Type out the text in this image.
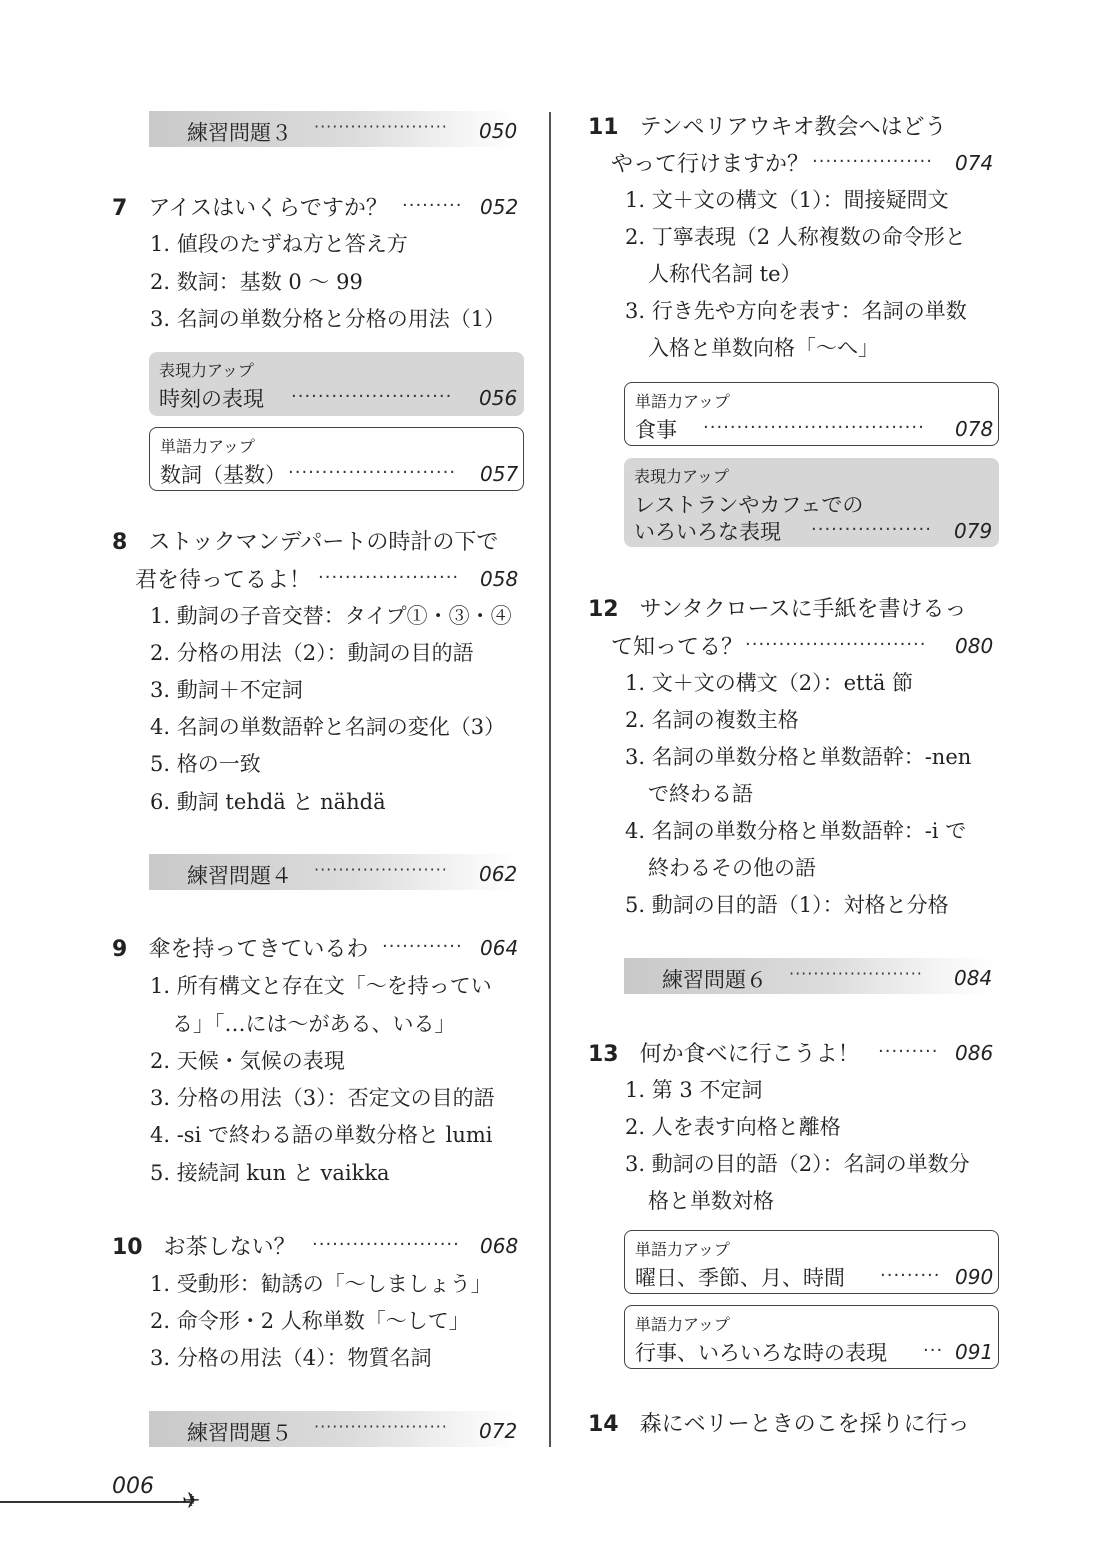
練習問題３ ······················	050
7 アイスはいくらですか？ ········· 052
1. 値段のたずね方と答え方
2. 数詞：基数 0 ～ 99
3. 名詞の単数分格と分格の用法（1）
表現力アップ
時刻の表現 ························	056
単語力アップ
数詞（基数） ·························	057
8 ストックマンデパートの時計の下で
君を待ってるよ！ ·····················	058
1. 動詞の子音交替：タイプ①・③・④
2. 分格の用法（2）：動詞の目的語
3. 動詞＋不定詞
4. 名詞の単数語幹と名詞の変化（3）
5. 格の一致
6. 動詞 tehdä と nähdä
練習問題４ ······················	062
9 傘を持ってきているわ ············ 064
1. 所有構文と存在文「～を持ってい
る」「…には～がある、いる」
2. 天候・気候の表現
3. 分格の用法（3）：否定文の目的語
4. -si で終わる語の単数分格と lumi
5. 接続詞 kun と vaikka
10 お茶しない？ ······················	068
1. 受動形：勧誘の「～しましょう」
2. 命令形・2 人称単数「～して」
3. 分格の用法（4）：物質名詞
練習問題５ ······················	072
11 テンペリアウキオ教会へはどう
やって行けますか？ ··················	074
1. 文＋文の構文（1）：間接疑問文
2. 丁寧表現（2 人称複数の命令形と
人称代名詞 te）
3. 行き先や方向を表す：名詞の単数
入格と単数向格「～へ」
単語力アップ
食事 ·································	078
表現力アップ
レストランやカフェでの
いろいろな表現 ··················	079
12 サンタクロースに手紙を書けるっ
て知ってる？ ···························	080
1. 文＋文の構文（2）：että 節
2. 名詞の複数主格
3. 名詞の単数分格と単数語幹：-nen
で終わる語
4. 名詞の単数分格と単数語幹：-i で
終わるその他の語
5. 動詞の目的語（1）：対格と分格
練習問題６ ······················	084
13 何か食べに行こうよ！ ········· 086
1. 第 3 不定詞
2. 人を表す向格と離格
3. 動詞の目的語（2）：名詞の単数分
格と単数対格
単語力アップ
曜日、季節、月、時間 ········· 090
単語力アップ
行事、いろいろな時の表現 ··· 091
14 森にベリーときのこを採りに行っ
006
✈
